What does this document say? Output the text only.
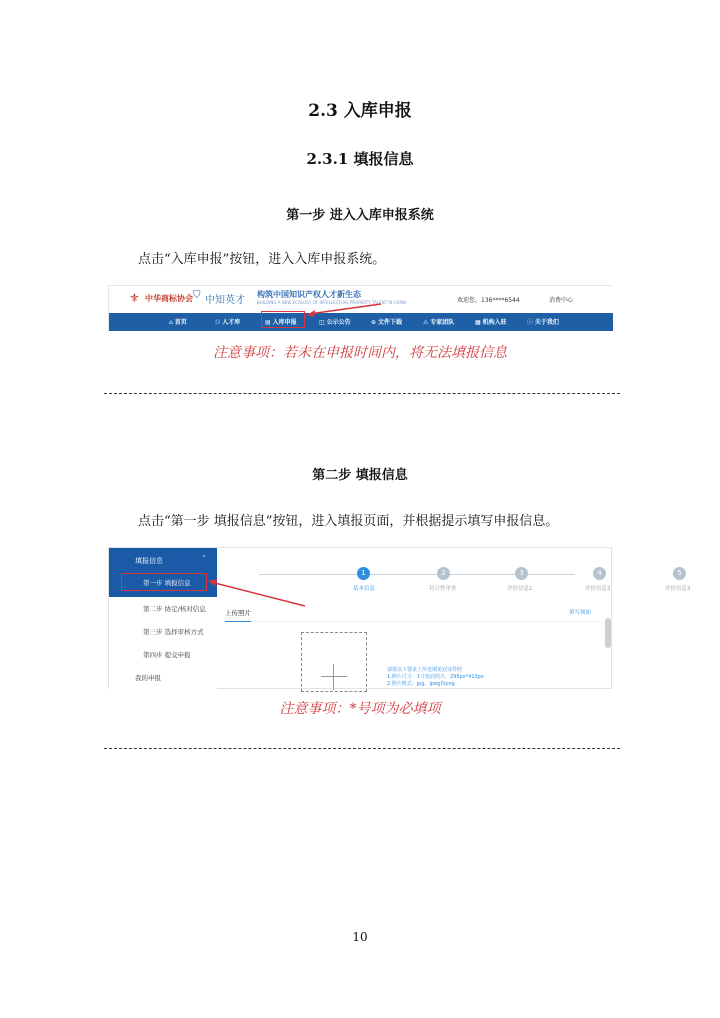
2.3 入库申报
2.3.1 填报信息
第一步 进入入库申报系统
点击“入库申报”按钮，进入入库申报系统。
⚜ 中华商标协会 ⛉ 中知英才
构筑中国知识产权人才新生态
BUILDING A NEW ECOLOGY OF INTELLECTUAL PROPERTY TALENT IN CHINA	欢迎您，136****6544	消费中心
⌂ 首页	⚇ 人才库	▤ 入库申报	◫ 公示公告	⊕ 文件下载	⚠ 专家团队	▦ 机构入驻	ⓘ 关于我们
注意事项：若未在申报时间内，将无法填报信息
第二步 填报信息
点击“第一步 填报信息”按钮，进入填报页面，并根据提示填写申报信息。
填报信息	⌃
第一步 填报信息
第二步 协定/核对信息
第三步 选择审核方式
第四步 提交申报
我的申报
1	2	3	4	5
基本信息	符合性审查	评价信息1	评价信息2	评价信息3
上传照片	填写须知
请按以下要求上传近期免冠证件照
1.照片尺寸：1寸蓝底照片，295px*413px
2.照片格式：jpg、jpeg和png
注意事项：*号项为必填项
10
